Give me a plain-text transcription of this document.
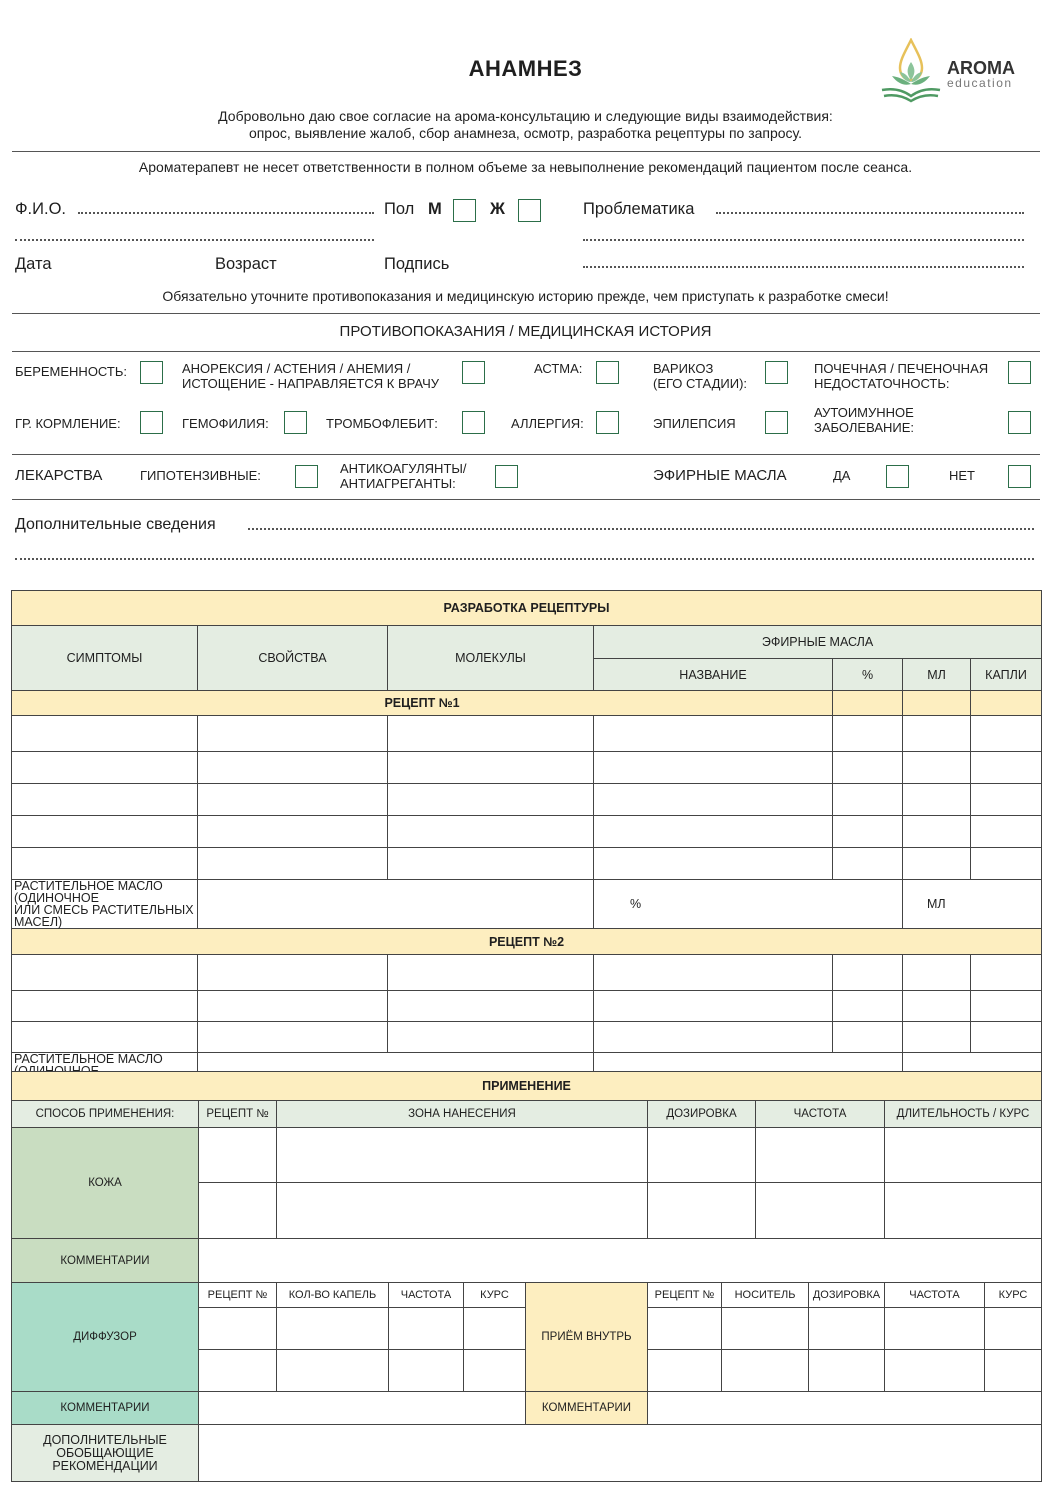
AROMA
education
АНАМНЕЗ
Добровольно даю свое согласие на арома-консультацию и следующие виды взаимодействия:
опрос, выявление жалоб, сбор анамнеза, осмотр, разработка рецептуры по запросу.
Ароматерапевт не несет ответственности в полном объеме за невыполнение рекомендаций пациентом после сеанса.
Ф.И.О.	Пол М	Ж	Проблематика
Дата	Возраст	Подпись
Обязательно уточните противопоказания и медицинскую историю прежде, чем приступать к разработке смеси!
ПРОТИВОПОКАЗАНИЯ / МЕДИЦИНСКАЯ ИСТОРИЯ
БЕРЕМЕННОСТЬ:	АНОРЕКСИЯ / АСТЕНИЯ / АНЕМИЯ /
ИСТОЩЕНИЕ - НАПРАВЛЯЕТСЯ К ВРАЧУ
АСТМА:	ВАРИКОЗ
(ЕГО СТАДИИ):
ПОЧЕЧНАЯ / ПЕЧЕНОЧНАЯ
НЕДОСТАТОЧНОСТЬ:
ГР. КОРМЛЕНИЕ:	ГЕМОФИЛИЯ:	ТРОМБОФЛЕБИТ:	АЛЛЕРГИЯ:	ЭПИЛЕПСИЯ
АУТОИМУННОЕ
ЗАБОЛЕВАНИЕ:
ЛЕКАРСТВА	ГИПОТЕНЗИВНЫЕ:	АНТИКОАГУЛЯНТЫ/
АНТИАГРЕГАНТЫ:	ЭФИРНЫЕ МАСЛА	ДА	НЕТ
Дополнительные сведения
РАЗРАБОТКА РЕЦЕПТУРЫ						
СИМПТОМЫ	СВОЙСТВА	МОЛЕКУЛЫ	ЭФИРНЫЕ МАСЛА			
			НАЗВАНИЕ	%	МЛ	КАПЛИ
РЕЦЕПТ №1						

РАСТИТЕЛЬНОЕ МАСЛО (ОДИНОЧНОЕ
ИЛИ СМЕСЬ РАСТИТЕЛЬНЫХ МАСЕЛ)			%		МЛ	
РЕЦЕПТ №2						

РАСТИТЕЛЬНОЕ МАСЛО

ПРИМЕНЕНИЕ											
СПОСОБ ПРИМЕНЕНИЯ:	РЕЦЕПТ №	ЗОНА НАНЕСЕНИЯ				ДОЗИРОВКА		ЧАСТОТА		ДЛИТЕЛЬНОСТЬ / КУРС	
КОЖА											

КОММЕНТАРИИ											
ДИФФУЗОР	РЕЦЕПТ №	КОЛ-ВО КАПЕЛЬ	ЧАСТОТА	КУРС	ПРИЁМ ВНУТРЬ	РЕЦЕПТ №	НОСИТЕЛЬ		ДОЗИРОВКА	ЧАСТОТА	КУРС

КОММЕНТАРИИ					КОММЕНТАРИИ						

ДОПОЛНИТЕЛЬНЫЕ ОБОБЩАЮЩИЕ
РЕКОМЕНДАЦИИ											
